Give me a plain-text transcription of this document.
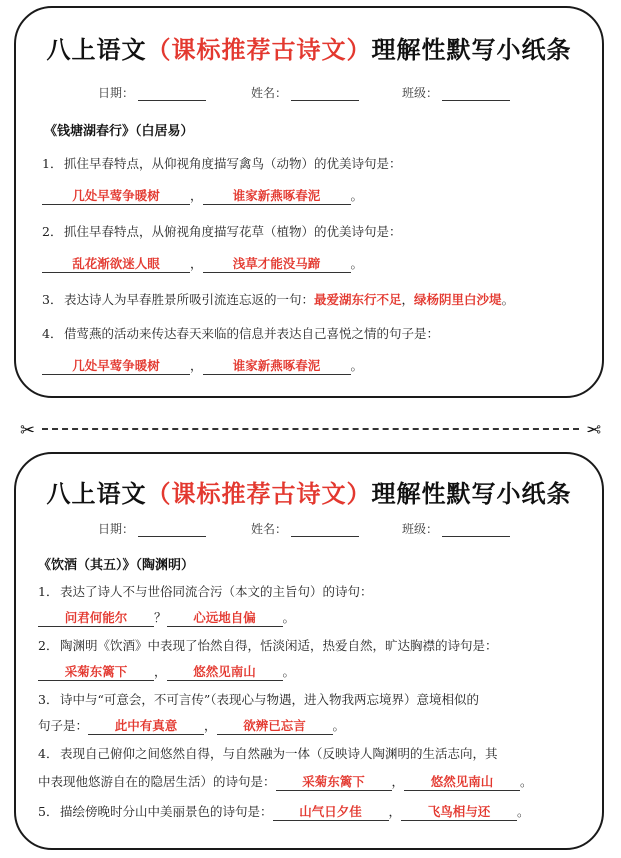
八上语文（课标推荐古诗文）理解性默写小纸条
日期：	姓名：	班级：
《钱塘湖春行》（白居易）
1． 抓住早春特点，从仰视角度描写禽鸟（动物）的优美诗句是：
几处早莺争暖树 ， 谁家新燕啄春泥 。
2． 抓住早春特点，从俯视角度描写花草（植物）的优美诗句是：
乱花渐欲迷人眼 ， 浅草才能没马蹄 。
3． 表达诗人为早春胜景所吸引流连忘返的一句：最爱湖东行不足，绿杨阴里白沙堤。
4． 借莺燕的活动来传达春天来临的信息并表达自己喜悦之情的句子是：
几处早莺争暖树 ， 谁家新燕啄春泥 。
✂	✂
八上语文（课标推荐古诗文）理解性默写小纸条
日期：	姓名：	班级：
《饮酒（其五）》（陶渊明）
1． 表达了诗人不与世俗同流合污（本文的主旨句）的诗句：
问君何能尔 ？ 心远地自偏 。
2． 陶渊明《饮酒》中表现了怡然自得，恬淡闲适，热爱自然，旷达胸襟的诗句是：
采菊东篱下 ， 悠然见南山 。
3． 诗中与“可意会，不可言传”（表现心与物遇，进入物我两忘境界）意境相似的
句子是： 此中有真意 ， 欲辨已忘言 。
4． 表现自己俯仰之间悠然自得，与自然融为一体（反映诗人陶渊明的生活志向，其
中表现他悠游自在的隐居生活）的诗句是： 采菊东篱下 ， 悠然见南山 。
5． 描绘傍晚时分山中美丽景色的诗句是： 山气日夕佳 ， 飞鸟相与还 。
